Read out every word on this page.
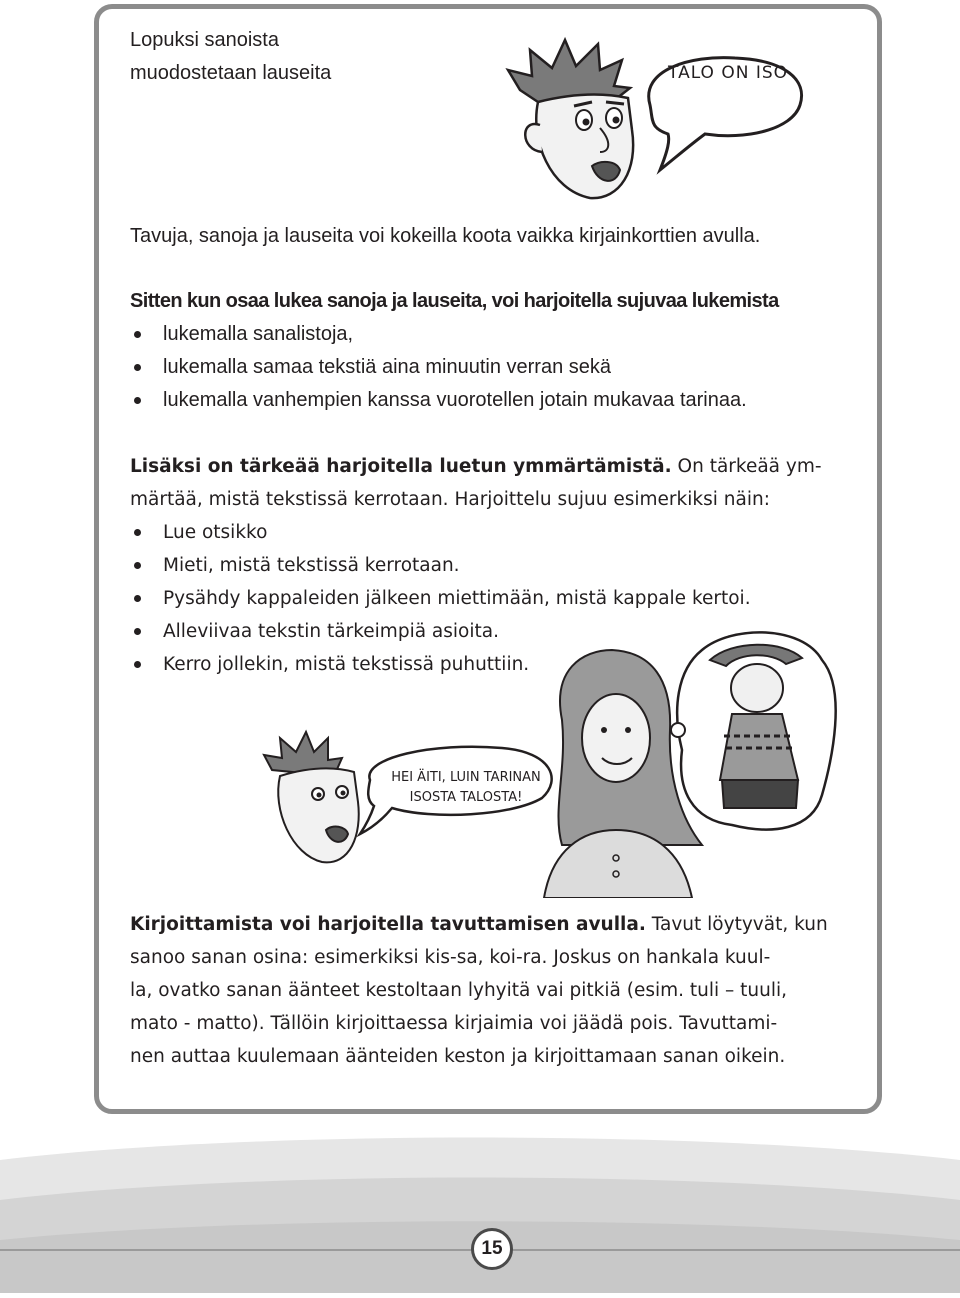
Lopuksi sanoista
muodostetaan lauseita	TALO ON ISO
Tavuja, sanoja ja lauseita voi kokeilla koota vaikka kirjainkorttien avulla.
Sitten kun osaa lukea sanoja ja lauseita, voi harjoitella sujuvaa lukemista
lukemalla sanalistoja,
lukemalla samaa tekstiä aina minuutin verran sekä
lukemalla vanhempien kanssa vuorotellen jotain mukavaa tarinaa.
Lisäksi on tärkeää harjoitella luetun ymmärtämistä. On tärkeää ym-
märtää, mistä tekstissä kerrotaan. Harjoittelu sujuu esimerkiksi näin:
Lue otsikko
Mieti, mistä tekstissä kerrotaan.
Pysähdy kappaleiden jälkeen miettimään, mistä kappale kertoi.
Alleviivaa tekstin tärkeimpiä asioita.
Kerro jollekin, mistä tekstissä puhuttiin.
HEI ÄITI, LUIN TARINAN
ISOSTA TALOSTA!
Kirjoittamista voi harjoitella tavuttamisen avulla. Tavut löytyvät, kun
sanoo sanan osina: esimerkiksi kis-sa, koi-ra. Joskus on hankala kuul-
la, ovatko sanan äänteet kestoltaan lyhyitä vai pitkiä (esim. tuli – tuuli,
mato - matto). Tällöin kirjoittaessa kirjaimia voi jäädä pois. Tavuttami-
nen auttaa kuulemaan äänteiden keston ja kirjoittamaan sanan oikein.
15
